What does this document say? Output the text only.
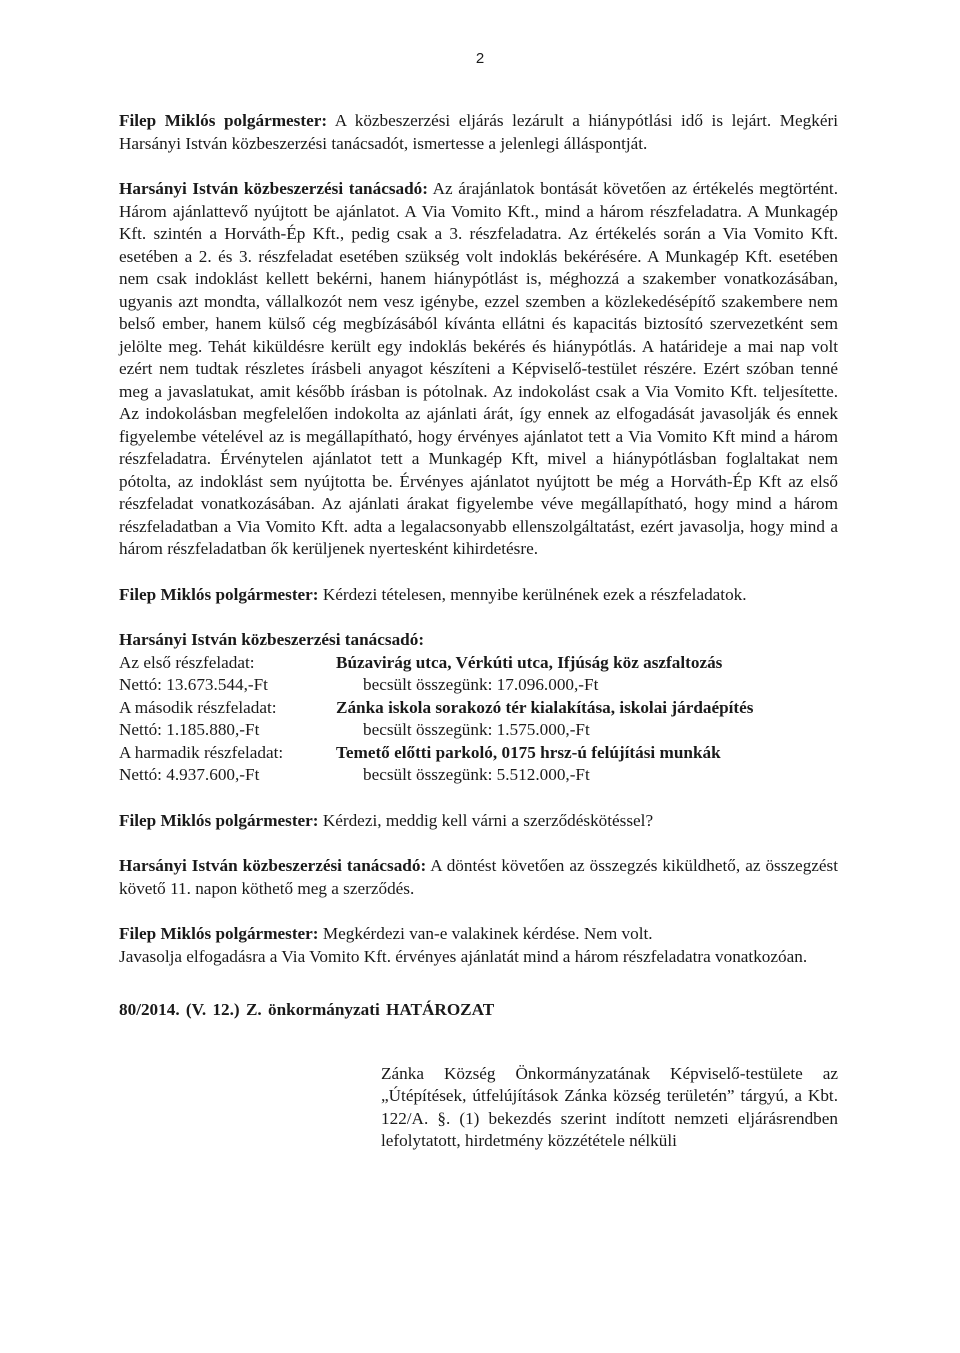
2

Filep Miklós polgármester: A közbeszerzési eljárás lezárult a hiánypótlási idő is lejárt. Megkéri Harsányi István közbeszerzési tanácsadót, ismertesse a jelenlegi álláspontját.

Harsányi István közbeszerzési tanácsadó: Az árajánlatok bontását követően az értékelés megtörtént. Három ajánlattevő nyújtott be ajánlatot. A Via Vomito Kft., mind a három részfeladatra. A Munkagép Kft. szintén a Horváth-Ép Kft., pedig csak a 3. részfeladatra. Az értékelés során a Via Vomito Kft. esetében a 2. és 3. részfeladat esetében szükség volt indoklás bekérésére. A Munkagép Kft. esetében nem csak indoklást kellett bekérni, hanem hiánypótlást is, méghozzá a szakember vonatkozásában, ugyanis azt mondta, vállalkozót nem vesz igénybe, ezzel szemben a közlekedésépítő szakembere nem belső ember, hanem külső cég megbízásából kívánta ellátni és kapacitás biztosító szervezetként sem jelölte meg. Tehát kiküldésre került egy indoklás bekérés és hiánypótlás. A határideje a mai nap volt ezért nem tudtak részletes írásbeli anyagot készíteni a Képviselő-testület részére. Ezért szóban tenné meg a javaslatukat, amit később írásban is pótolnak. Az indokolást csak a Via Vomito Kft. teljesítette. Az indokolásban megfelelően indokolta az ajánlati árát, így ennek az elfogadását javasolják és ennek figyelembe vételével az is megállapítható, hogy érvényes ajánlatot tett a Via Vomito Kft mind a három részfeladatra. Érvénytelen ajánlatot tett a Munkagép Kft, mivel a hiánypótlásban foglaltakat nem pótolta, az indoklást sem nyújtotta be. Érvényes ajánlatot nyújtott be még a Horváth-Ép Kft az első részfeladat vonatkozásában. Az ajánlati árakat figyelembe véve megállapítható, hogy mind a három részfeladatban a Via Vomito Kft. adta a legalacsonyabb ellenszolgáltatást, ezért javasolja, hogy mind a három részfeladatban ők kerüljenek nyertesként kihirdetésre.

Filep Miklós polgármester: Kérdezi tételesen, mennyibe kerülnének ezek a részfeladatok.

Harsányi István közbeszerzési tanácsadó:
Az első részfeladat:	Búzavirág utca, Vérkúti utca, Ifjúság köz aszfaltozás
Nettó: 13.673.544,-Ft	becsült összegünk: 17.096.000,-Ft
A második részfeladat:	Zánka iskola sorakozó tér kialakítása, iskolai járdaépítés
Nettó: 1.185.880,-Ft	becsült összegünk: 1.575.000,-Ft
A harmadik részfeladat:	Temető előtti parkoló, 0175 hrsz-ú felújítási munkák
Nettó: 4.937.600,-Ft	becsült összegünk: 5.512.000,-Ft

Filep Miklós polgármester: Kérdezi, meddig kell várni a szerződéskötéssel?

Harsányi István közbeszerzési tanácsadó: A döntést követően az összegzés kiküldhető, az összegzést követő 11. napon köthető meg a szerződés.

Filep Miklós polgármester: Megkérdezi van-e valakinek kérdése. Nem volt.
Javasolja elfogadásra a Via Vomito Kft. érvényes ajánlatát mind a három részfeladatra vonatkozóan.

80/2014. (V. 12.) Z. önkormányzati HATÁROZAT
Zánka Község Önkormányzatának Képviselő-testülete az „Útépítések, útfelújítások Zánka község területén” tárgyú, a Kbt. 122/A. §. (1) bekezdés szerint indított nemzeti eljárásrendben lefolytatott, hirdetmény közzététele nélküli
